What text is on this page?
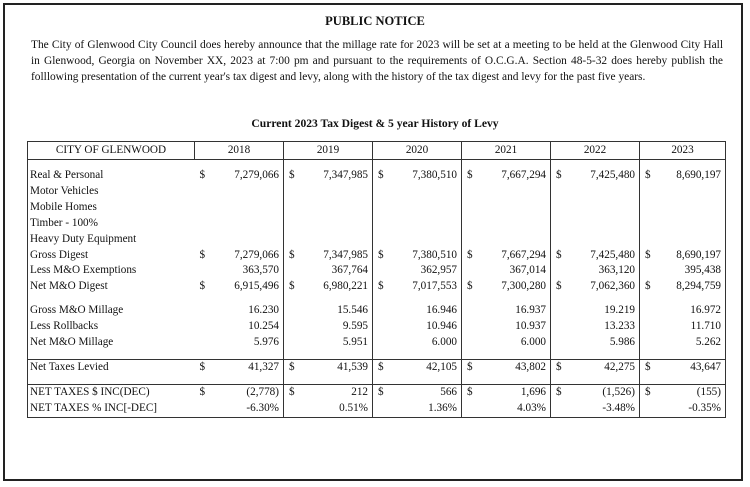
PUBLIC NOTICE
The City of Glenwood City Council does hereby announce that the millage rate for 2023 will be set at a meeting to be held at the Glenwood City Hall in Glenwood, Georgia on November XX, 2023 at 7:00 pm and pursuant to the requirements of O.C.G.A. Section 48-5-32 does hereby publish the folllowing presentation of the current year's tax digest and levy, along with the history of the tax digest and levy for the past five years.
Current 2023 Tax Digest & 5 year History of Levy
CITY OF GLENWOOD	2018		2019		2020		2021		2022		2023	

Real & Personal	$	7,279,066	$	7,347,985	$	7,380,510	$	7,667,294	$	7,425,480	$	8,690,197
Motor Vehicles												
Mobile Homes												
Timber - 100%												
Heavy Duty Equipment												
Gross Digest	$	7,279,066	$	7,347,985	$	7,380,510	$	7,667,294	$	7,425,480	$	8,690,197
Less M&O Exemptions		363,570		367,764		362,957		367,014		363,120		395,438
Net M&O Digest	$	6,915,496	$	6,980,221	$	7,017,553	$	7,300,280	$	7,062,360	$	8,294,759

Gross M&O Millage		16.230		15.546		16.946		16.937		19.219		16.972
Less Rollbacks		10.254		9.595		10.946		10.937		13.233		11.710
Net M&O Millage		5.976		5.951		6.000		6.000		5.986		5.262

Net Taxes Levied	$	41,327	$	41,539	$	42,105	$	43,802	$	42,275	$	43,647

NET TAXES $ INC(DEC)	$	(2,778)	$	212	$	566	$	1,696	$	(1,526)	$	(155)
NET TAXES % INC[-DEC]		-6.30%		0.51%		1.36%		4.03%		-3.48%		-0.35%
